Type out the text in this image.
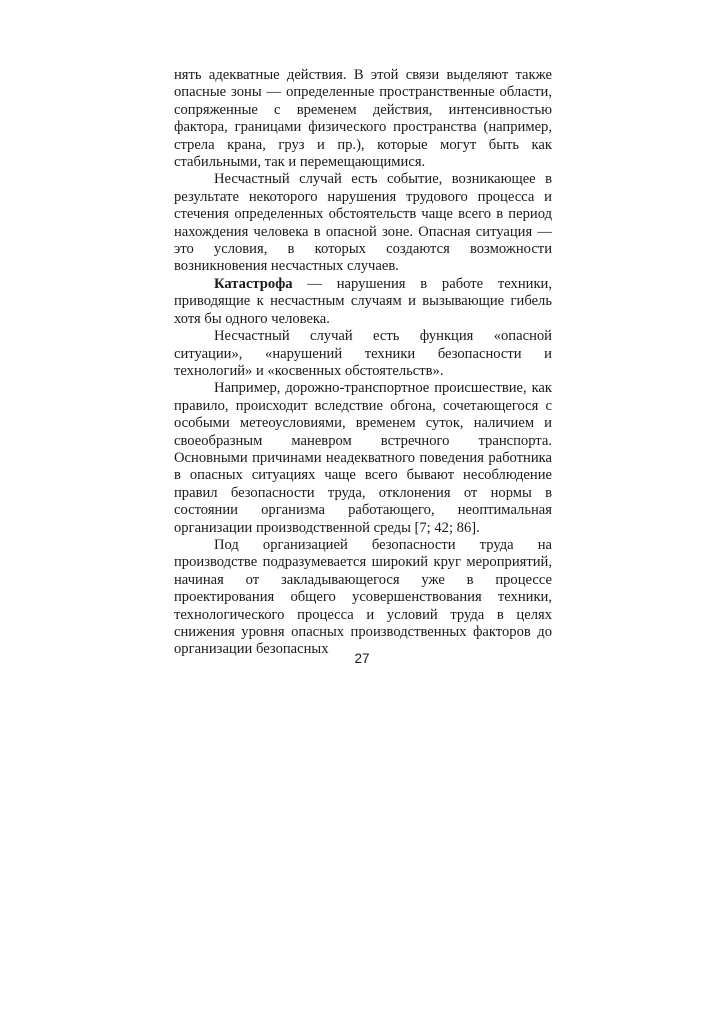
нять адекватные действия. В этой связи выделяют также опасные зоны — определенные пространственные области, сопряженные с временем действия, интенсивностью фактора, границами физического пространства (например, стрела крана, груз и пр.), которые могут быть как стабильными, так и перемещающимися.

Несчастный случай есть событие, возникающее в результате некоторого нарушения трудового процесса и стечения определенных обстоятельств чаще всего в период нахождения человека в опасной зоне. Опасная ситуация — это условия, в которых создаются возможности возникновения несчастных случаев.

Катастрофа — нарушения в работе техники, приводящие к несчастным случаям и вызывающие гибель хотя бы одного человека.

Несчастный случай есть функция «опасной ситуации», «нарушений техники безопасности и технологий» и «косвенных обстоятельств».

Например, дорожно-транспортное происшествие, как правило, происходит вследствие обгона, сочетающегося с особыми метеоусловиями, временем суток, наличием и своеобразным маневром встречного транспорта. Основными причинами неадекватного поведения работника в опасных ситуациях чаще всего бывают несоблюдение правил безопасности труда, отклонения от нормы в состоянии организма работающего, неоптимальная организации производственной среды [7; 42; 86].

Под организацией безопасности труда на производстве подразумевается широкий круг мероприятий, начиная от закладывающегося уже в процессе проектирования общего усовершенствования техники, технологического процесса и условий труда в целях снижения уровня опасных производственных факторов до организации безопасных

27
